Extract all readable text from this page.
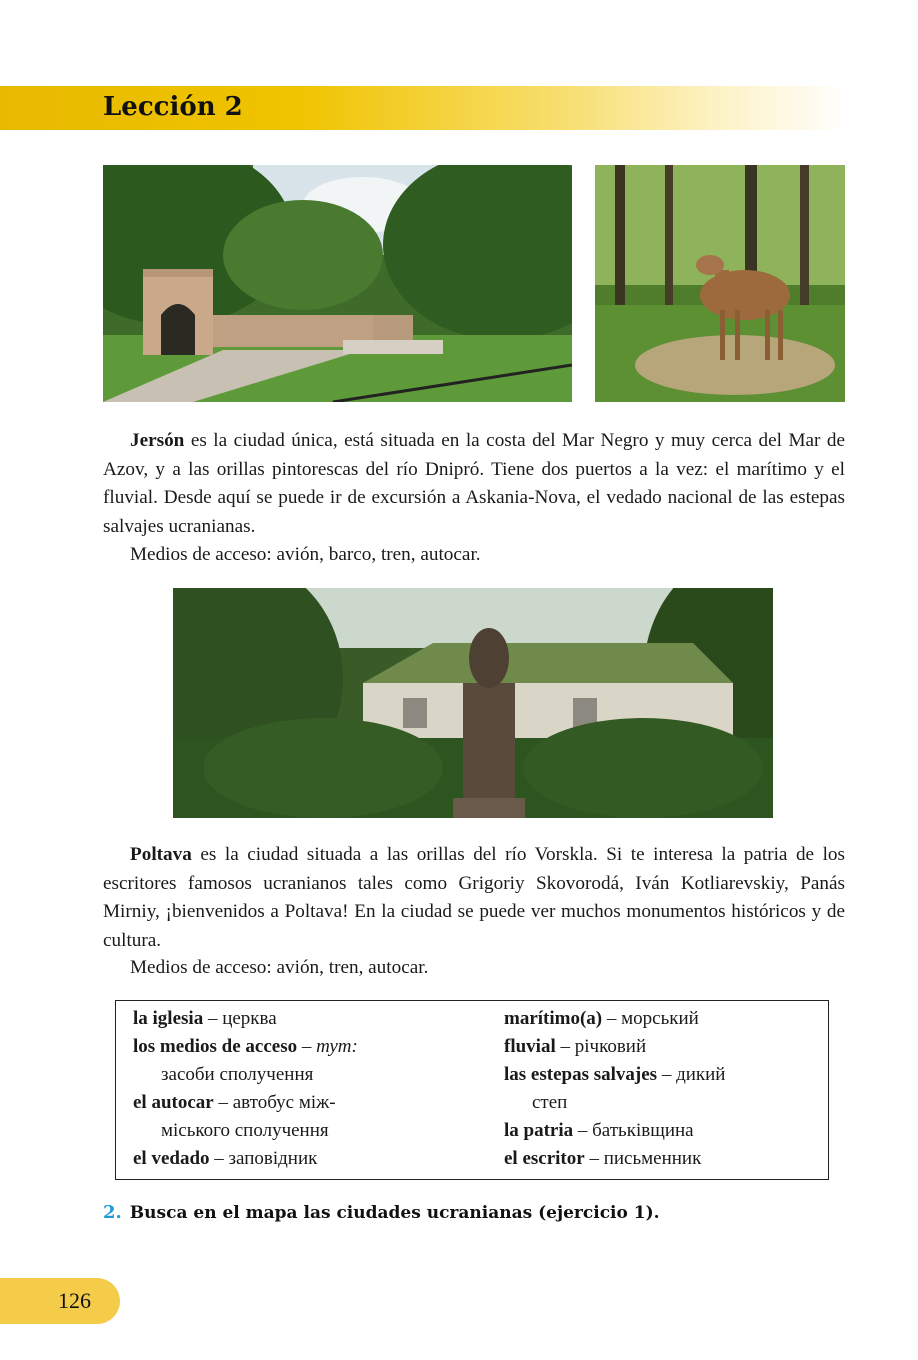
Lección 2

Jersón es la ciudad única, está situada en la costa del Mar Negro y muy cerca del Mar de Azov, y a las orillas pintorescas del río Dnipró. Tiene dos puertos a la vez: el marítimo y el fluvial. Desde aquí se puede ir de excursión a Askania-Nova, el vedado nacional de las estepas salvajes ucranianas.

Medios de acceso: avión, barco, tren, autocar.

Poltava es la ciudad situada a las orillas del río Vorskla. Si te interesa la patria de los escritores famosos ucranianos tales como Grigoriy Skovorodá, Iván Kotliarevskiy, Panás Mirniy, ¡bienvenidos a Poltava! En la ciudad se puede ver muchos monumentos históricos y de cultura.

Medios de acceso: avión, tren, autocar.

la iglesia – церква
los medios de acceso – тут:
засоби сполучення
el autocar – автобус між-
міського сполучення
el vedado – заповідник
marítimo(a) – морський
fluvial – річковий
las estepas salvajes – дикий
степ
la patria – батьківщина
el escritor – письменник
2. Busca en el mapa las ciudades ucranianas (ejercicio 1).
126
